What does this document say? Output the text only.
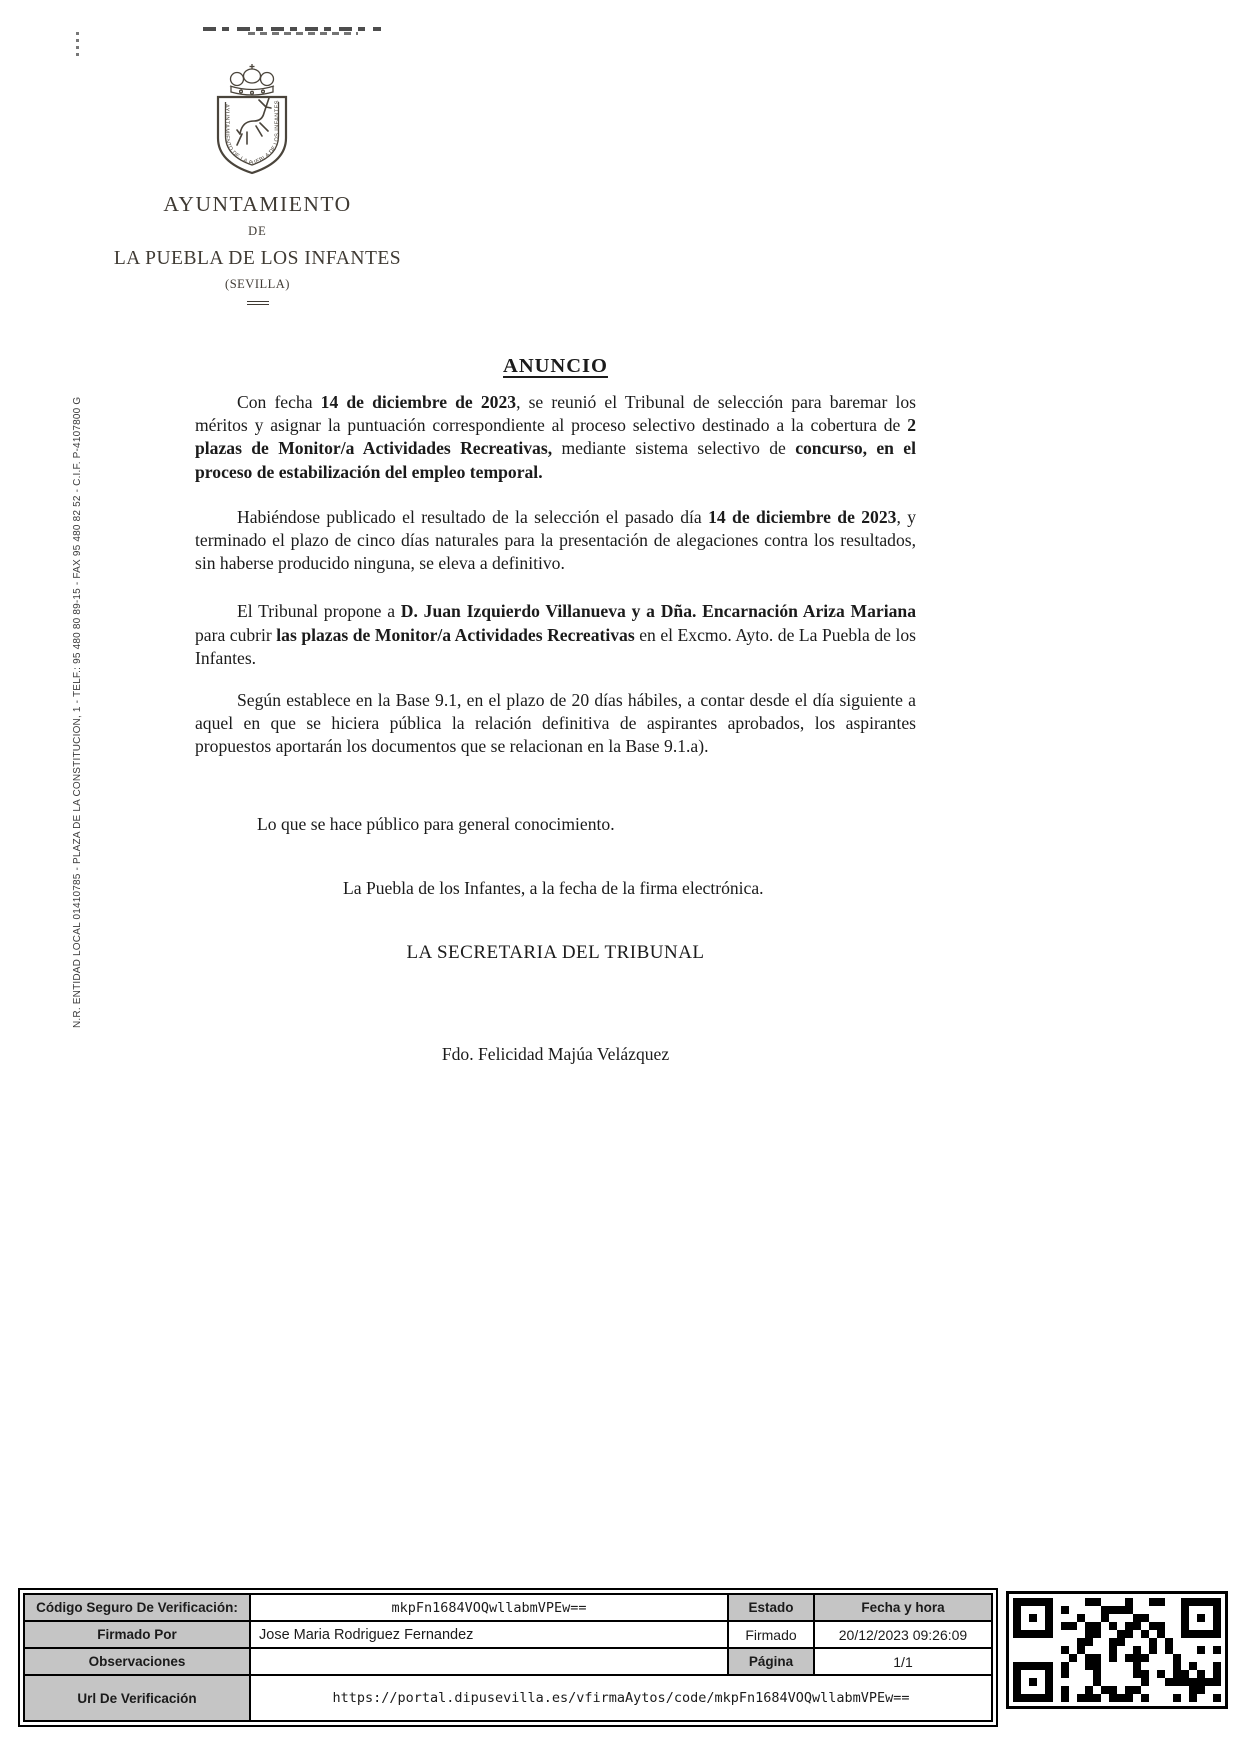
AYUNTAMIENTO DE LA PUEBLA DE LOS INFANTES
AYUNTAMIENTO
DE
LA PUEBLA DE LOS INFANTES
(SEVILLA)
ANUNCIO

Con fecha 14 de diciembre de 2023, se reunió el Tribunal de selección para baremar los méritos y asignar la puntuación correspondiente al proceso selectivo destinado a la cobertura de 2 plazas de Monitor/a Actividades Recreativas, mediante sistema selectivo de concurso, en el proceso de estabilización del empleo temporal.

Habiéndose publicado el resultado de la selección el pasado día 14 de diciembre de 2023, y terminado el plazo de cinco días naturales para la presentación de alegaciones contra los resultados, sin haberse producido ninguna, se eleva a definitivo.

El Tribunal propone a D. Juan Izquierdo Villanueva y a Dña. Encarnación Ariza Mariana para cubrir las plazas de Monitor/a Actividades Recreativas en el Excmo. Ayto. de La Puebla de los Infantes.

Según establece en la Base 9.1, en el plazo de 20 días hábiles, a contar desde el día siguiente a aquel en que se hiciera pública la relación definitiva de aspirantes aprobados, los aspirantes propuestos aportarán los documentos que se relacionan en la Base 9.1.a).

Lo que se hace público para general conocimiento.

La Puebla de los Infantes, a la fecha de la firma electrónica.

LA SECRETARIA DEL TRIBUNAL

Fdo. Felicidad Majúa Velázquez

N.R. ENTIDAD LOCAL 01410785 - PLAZA DE LA CONSTITUCION, 1 - TELF.: 95 480 80 89-15 - FAX 95 480 82 52 - C.I.F. P-4107800 G
Código Seguro De Verificación:	mkpFn1684VOQwllabmVPEw==	Estado	Fecha y hora
Firmado Por	Jose Maria Rodriguez Fernandez	Firmado	20/12/2023 09:26:09
Observaciones		Página	1/1
Url De Verificación	https://portal.dipusevilla.es/vfirmaAytos/code/mkpFn1684VOQwllabmVPEw==		
